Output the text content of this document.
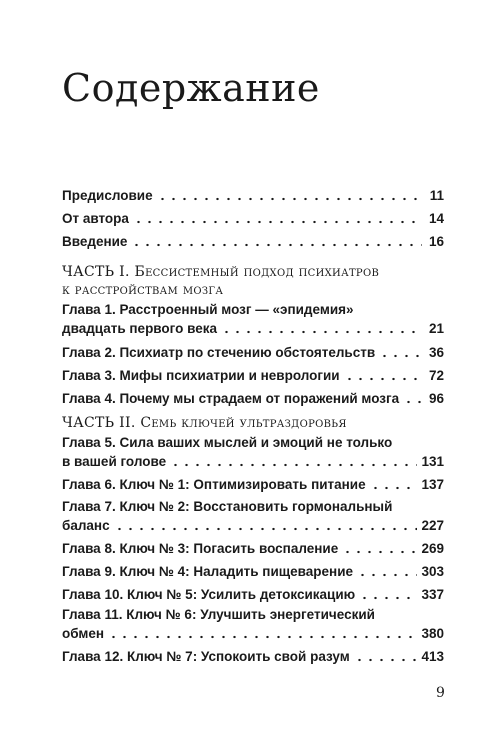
Содержание
Предисловие	11
От автора	14
Введение	16
ЧАСТЬ I. Бессистемный подход психиатров
к расстройствам мозга
Глава 1. Расстроенный мозг — «эпидемия»
двадцать первого века	21
Глава 2. Психиатр по стечению обстоятельств	36
Глава 3. Мифы психиатрии и неврологии	72
Глава 4. Почему мы страдаем от поражений мозга 96
ЧАСТЬ II. Семь ключей ультраздоровья
Глава 5. Сила ваших мыслей и эмоций не только
в вашей голове	131
Глава 6. Ключ № 1: Оптимизировать питание	137
Глава 7. Ключ № 2: Восстановить гормональный
баланс	227
Глава 8. Ключ № 3: Погасить воспаление	269
Глава 9. Ключ № 4: Наладить пищеварение	303
Глава 10. Ключ № 5: Усилить детоксикацию	337
Глава 11. Ключ № 6: Улучшить энергетический
обмен	380
Глава 12. Ключ № 7: Успокоить свой разум	413
9
